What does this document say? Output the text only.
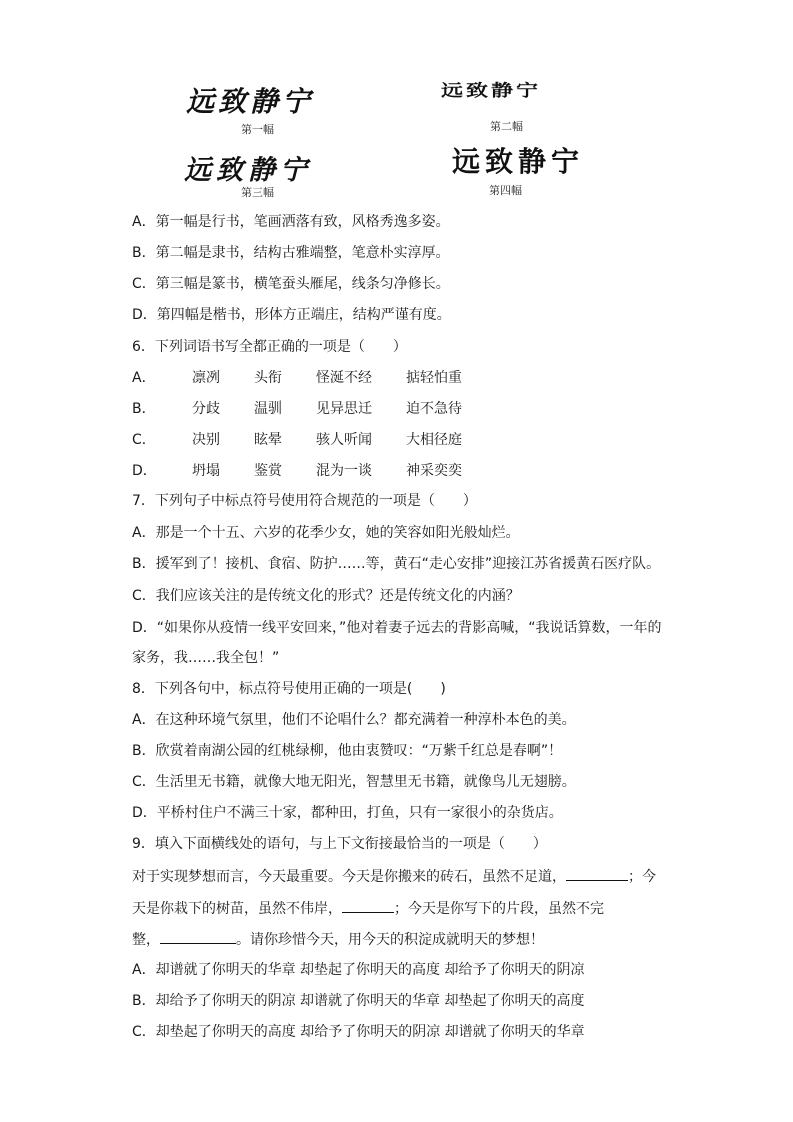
远致静宁
第一幅
远致静宁
第二幅
远致静宁
第三幅
远致静宁
第四幅
A．第一幅是行书，笔画洒落有致，风格秀逸多姿。
B．第二幅是隶书，结构古雅端整，笔意朴实淳厚。
C．第三幅是篆书，横笔蚕头雁尾，线条匀净修长。
D．第四幅是楷书，形体方正端庄，结构严谨有度。
6．下列词语书写全都正确的一项是（　　）
A．	凛冽 头衔 怪涎不经 掂轻怕重
B．	分歧 温驯 见异思迁 迫不急待
C．	决别 眩晕 骇人听闻 大相径庭
D．	坍塌 鉴赏 混为一谈 神采奕奕
7．下列句子中标点符号使用符合规范的一项是（　　）
A．那是一个十五、六岁的花季少女，她的笑容如阳光般灿烂。
B．援军到了！接机、食宿、防护……等，黄石“走心安排”迎接江苏省援黄石医疗队。
C．我们应该关注的是传统文化的形式？还是传统文化的内涵？
D．“如果你从疫情一线平安回来，”他对着妻子远去的背影高喊，“我说话算数，一年的
家务，我……我全包！”
8．下列各句中，标点符号使用正确的一项是(　　)
A．在这种环境气氛里，他们不论唱什么？都充满着一种淳朴本色的美。
B．欣赏着南湖公园的红桃绿柳，他由衷赞叹：“万紫千红总是春啊”！
C．生活里无书籍，就像大地无阳光，智慧里无书籍，就像鸟儿无翅膀。
D．平桥村住户不满三十家，都种田，打鱼，只有一家很小的杂货店。
9．填入下面横线处的语句，与上下文衔接最恰当的一项是（　　）
对于实现梦想而言，今天最重要。今天是你搬来的砖石，虽然不足道，	；今
天是你栽下的树苗，虽然不伟岸，	；今天是你写下的片段，虽然不完
整，	。请你珍惜今天，用今天的积淀成就明天的梦想！
A．却谱就了你明天的华章 却垫起了你明天的高度 却给予了你明天的阴凉
B．却给予了你明天的阴凉 却谱就了你明天的华章 却垫起了你明天的高度
C．却垫起了你明天的高度 却给予了你明天的阴凉 却谱就了你明天的华章
